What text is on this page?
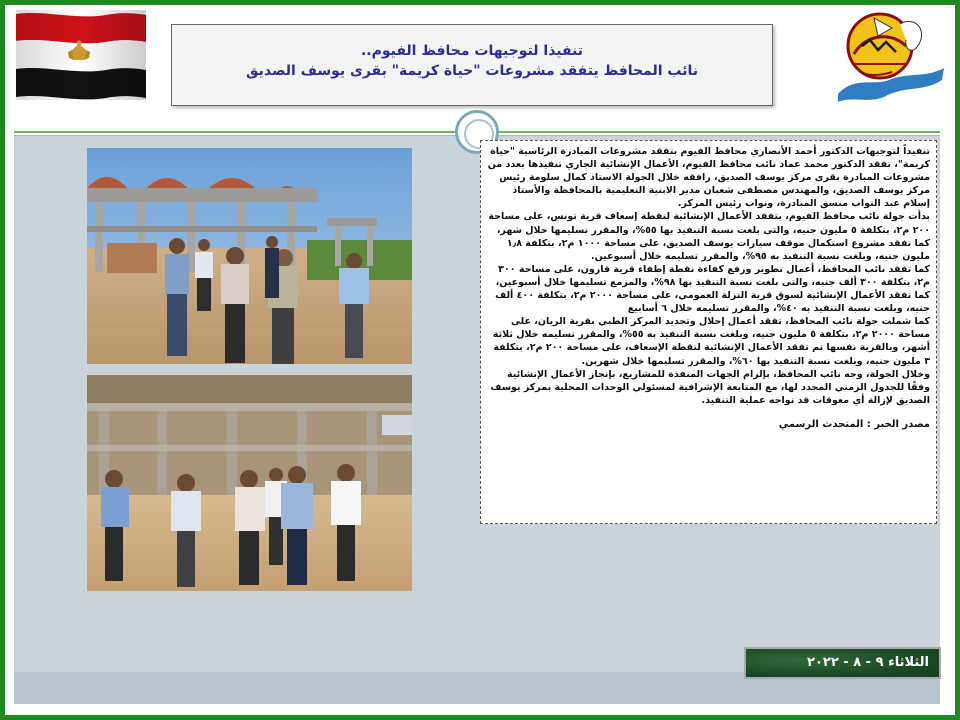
تنفيذا لتوجيهات محافظ الفيوم..
نائب المحافظ يتفقد مشروعات "حياة كريمة" بقرى يوسف الصديق

تنفيذاً لتوجيهات الدكتور أحمد الأنصاري محافظ الفيوم بتفقد مشروعات المبادرة الرئاسية "حياة كريمة"، تفقد الدكتور محمد عماد نائب محافظ الفيوم، الأعمال الإنشائية الجاري تنفيذها بعدد من مشروعات المبادرة بقرى مركز يوسف الصديق، رافقه خلال الجولة الاستاذ كمال سلومة رئيس مركز يوسف الصديق، والمهندس مصطفى شعبان مدير الابنية التعليمية بالمحافظة والأستاذ إسلام عبد التواب منسق المبادرة، ونواب رئيس المركز.

بدأت جولة نائب محافظ الفيوم، بتفقد الأعمال الإنشائية لنقطة إسعاف قرية تونس، على مساحة ٢٠٠ م٢، بتكلفة ٥ مليون جنيه، والتى بلغت نسبة التنفيذ بها ٥٥%، والمقرر تسليمها خلال شهر، كما تفقد مشروع استكمال موقف سيارات يوسف الصديق، على مساحة ١٠٠٠ م٢، بتكلفة ١٫٨ مليون جنيه، وبلغت نسبة التنفيذ به ٩٥%، والمقرر تسليمه خلال أسبوعين.

كما تفقد نائب المحافظ، أعمال تطوير ورفع كفاءة نقطة إطفاء قرية قارون، على مساحة ٣٠٠ م٢، بتكلفة ٣٠٠ ألف جنيه، والتى بلغت نسبة التنفيذ بها ٩٨%، والمزمع تسليمها خلال أسبوعين، كما تفقد الأعمال الإنشائية لسوق قرية النزلة العمومي، على مساحة ٢٠٠٠ م٢، بتكلفة ٤٠٠ ألف جنيه، وبلغت نسبة التنفيذ به ٤٠%، والمقرر تسليمه خلال ٦ أسابيع

كما شملت جولة نائب المحافظ، تفقد أعمال إحلال وتجديد المركز الطبي بقرية الريان، على مساحة ٢٠٠٠ م٢، بتكلفة ٥ مليون جنيه، وبلغت نسبة التنفيذ به ٥٥%، والمقرر تسليمه خلال ثلاثة أشهر، وبالقرية نفسها تم تفقد الأعمال الإنشائية لنقطة الإسعاف، على مساحة ٢٠٠ م٢، بتكلفة ٣ مليون جنيه، وبلغت نسبة التنفيذ بها ٦٠%، والمقرر تسليمها خلال شهرين.

وخلال الجولة، وجه نائب المحافظ، بإلزام الجهات المنفذة للمشاريع، بإنجاز الأعمال الإنشائية وفقًا للجدول الزمني المحدد لها، مع المتابعة الإشرافية لمسئولي الوحدات المحلية بمركز يوسف الصديق لإزالة أي معوقات قد تواجه عملية التنفيذ.

مصدر الخبر : المتحدث الرسمي
الثلاثاء ٩ - ٨ - ٢٠٢٢
